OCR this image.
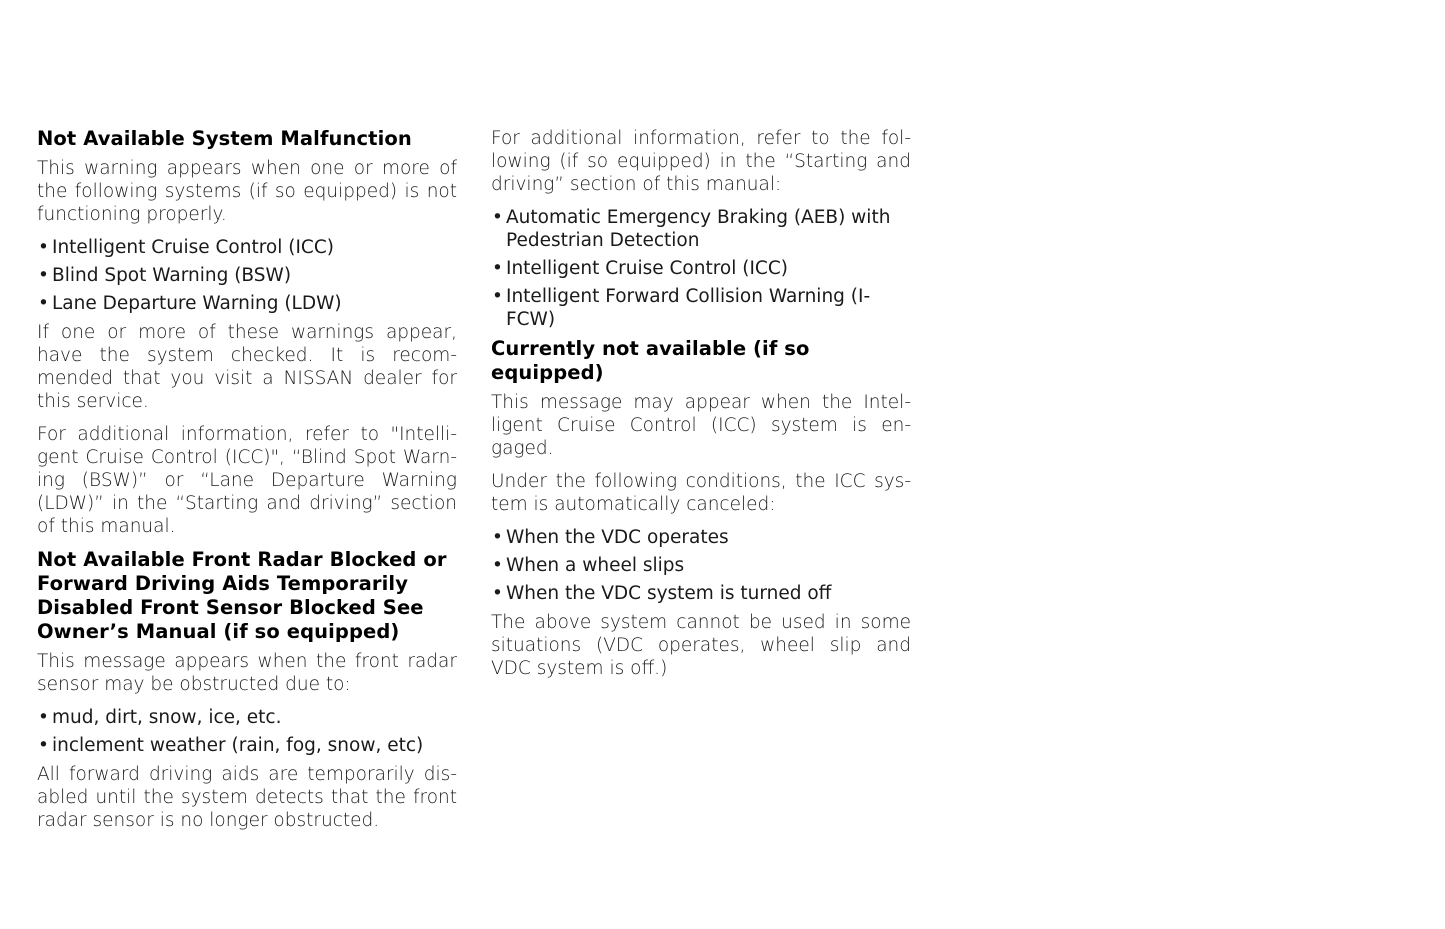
Not Available System Malfunction

This warning appears when one or more of the following systems (if so equipped) is not functioning properly.

• Intelligent Cruise Control (ICC)
• Blind Spot Warning (BSW)
• Lane Departure Warning (LDW)

If one or more of these warnings appear, have the system checked. It is recommended that you visit a NISSAN dealer for this service.

For additional information, refer to "Intelligent Cruise Control (ICC)", “Blind Spot Warning (BSW)” or “Lane Departure Warning (LDW)” in the “Starting and driving” section of this manual.

Not Available Front Radar Blocked or Forward Driving Aids Temporarily Disabled Front Sensor Blocked See Owner’s Manual (if so equipped)

This message appears when the front radar sensor may be obstructed due to:

• mud, dirt, snow, ice, etc.
• inclement weather (rain, fog, snow, etc)

All forward driving aids are temporarily disabled until the system detects that the front radar sensor is no longer obstructed.

For additional information, refer to the following (if so equipped) in the “Starting and driving” section of this manual:

• Automatic Emergency Braking (AEB) with Pedestrian Detection
• Intelligent Cruise Control (ICC)
• Intelligent Forward Collision Warning (I-FCW)
Currently not available (if so equipped)

This message may appear when the Intelligent Cruise Control (ICC) system is engaged.

Under the following conditions, the ICC system is automatically canceled:

• When the VDC operates
• When a wheel slips
• When the VDC system is turned off

The above system cannot be used in some situations (VDC operates, wheel slip and VDC system is off.)
